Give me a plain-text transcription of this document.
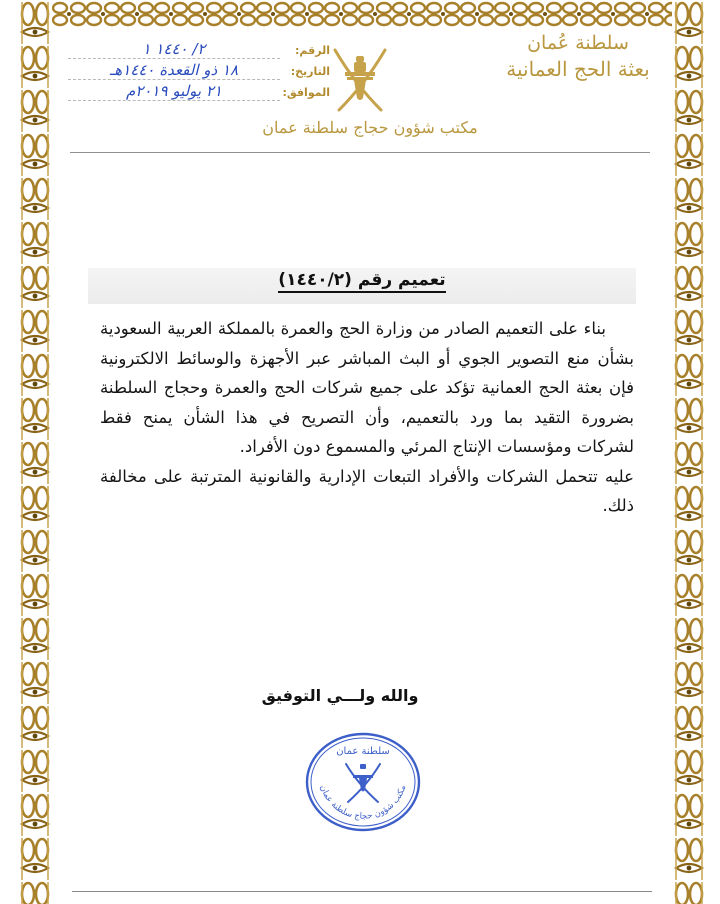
سلطنة عُمان
بعثة الحج العمانية
مكتب شؤون حجاج سلطنة عمان
الرقم:
٢/ ١٤٤٠ ١
التاريخ:
١٨ ذو القعدة ١٤٤٠هـ
الموافق:
٢١ يوليو ٢٠١٩م
تعميم رقم (١٤٤٠/٢)

بناء على التعميم الصادر من وزارة الحج والعمرة بالمملكة العربية السعودية بشأن منع التصوير الجوي أو البث المباشر عبر الأجهزة والوسائط الالكترونية فإن بعثة الحج العمانية تؤكد على جميع شركات الحج والعمرة وحجاج السلطنة بضرورة التقيد بما ورد بالتعميم، وأن التصريح في هذا الشأن يمنح فقط لشركات ومؤسسات الإنتاج المرئي والمسموع دون الأفراد.

عليه تتحمل الشركات والأفراد التبعات الإدارية والقانونية المترتبة على مخالفة ذلك.

والله ولـــي التوفيق
سلطنة عمان
مكتب شؤون حجاج سلطنة عمان
